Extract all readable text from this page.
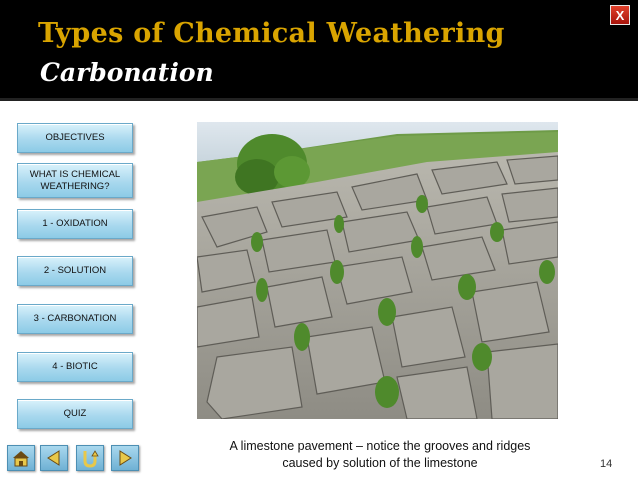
Types of Chemical Weathering
Carbonation
X
OBJECTIVES
WHAT IS CHEMICAL
WEATHERING?
1 - OXIDATION
2 - SOLUTION
3 - CARBONATION
4 - BIOTIC
QUIZ
A limestone pavement – notice the grooves and ridges
caused by solution of the limestone	14
